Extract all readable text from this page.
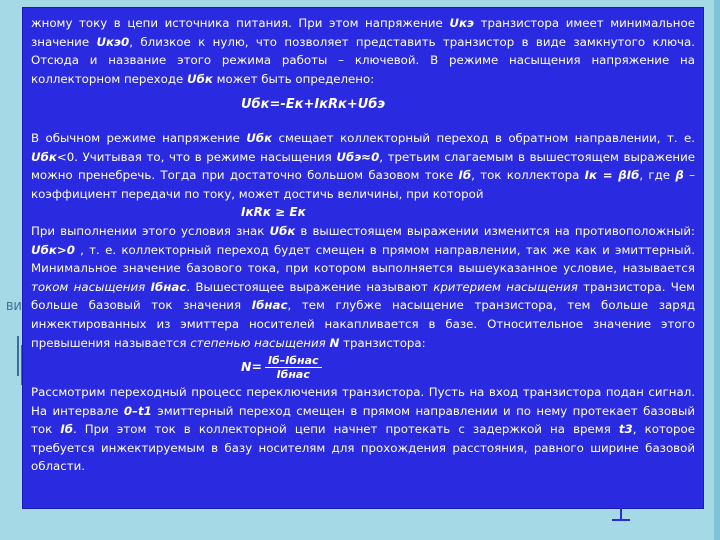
ВИ

жному току в цепи источника питания. При этом напряжение Uкэ транзистора имеет минимальное значение Uкэ0, близкое к нулю, что позволяет представить транзистор в виде замкнутого ключа. Отсюда и название этого режима работы – ключевой. В режиме насыщения напряжение на коллекторном переходе Uбк может быть определено:

Uбк=-Eк+IкRк+Uбэ

В обычном режиме напряжение Uбк смещает коллекторный переход в обратном направлении, т. е. Uбк<0. Учитывая то, что в режиме насыщения Uбэ≈0, третьим слагаемым в вышестоящем выражение можно пренебречь. Тогда при достаточно большом базовом токе Iб, ток коллектора Iк = βIб, где β – коэффициент передачи по току, может достичь величины, при которой

IкRк ≥ Eк

При выполнении этого условия знак Uбк в вышестоящем выражении изменится на противоположный: Uбк>0 , т. е. коллекторный переход будет смещен в прямом направлении, так же как и эмиттерный. Минимальное значение базового тока, при котором выполняется вышеуказанное условие, называется током насыщения Iбнас. Вышестоящее выражение называют критерием насыщения транзистора. Чем больше базовый ток значения Iбнас, тем глубже насыщение транзистора, тем больше заряд инжектированных из эмиттера носителей накапливается в базе. Относительное значение этого превышения называется степенью насыщения N транзистора:

$N= \frac{\text{Iб–Iбнас}}{\text{Iбнас}}$

Рассмотрим переходный процесс переключения транзистора. Пусть на вход транзистора подан сигнал. На интервале 0–t1 эмиттерный переход смещен в прямом направлении и по нему протекает базовый ток Iб. При этом ток в коллекторной цепи начнет протекать с задержкой на время t3, которое требуется инжектируемым в базу носителям для прохождения расстояния, равного ширине базовой области.
